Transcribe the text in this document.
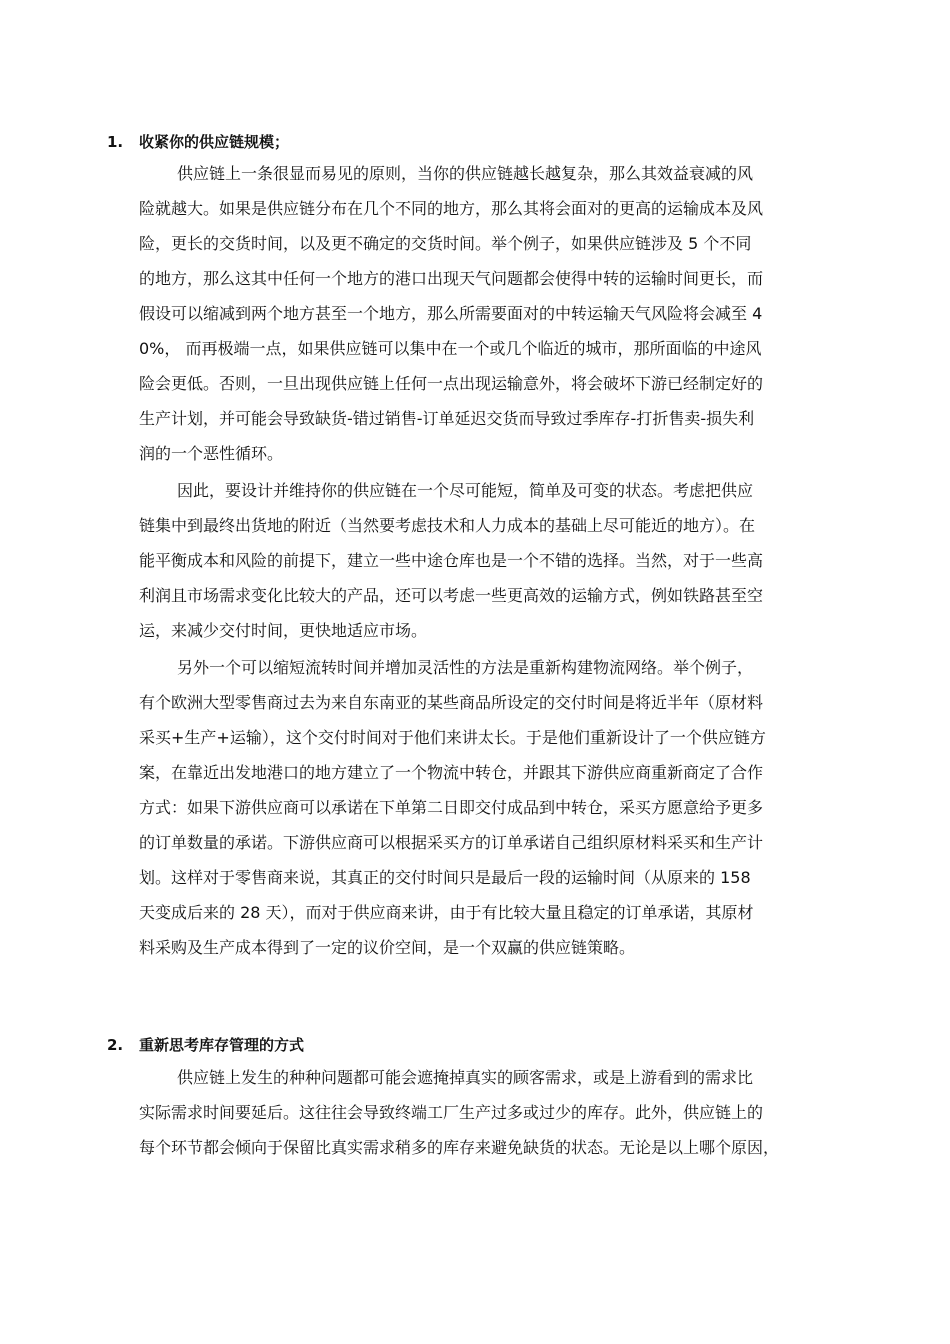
1. 收紧你的供应链规模；
供应链上一条很显而易见的原则，当你的供应链越长越复杂，那么其效益衰减的风
险就越大。如果是供应链分布在几个不同的地方，那么其将会面对的更高的运输成本及风
险，更长的交货时间，以及更不确定的交货时间。举个例子，如果供应链涉及 5 个不同
的地方，那么这其中任何一个地方的港口出现天气问题都会使得中转的运输时间更长，而
假设可以缩减到两个地方甚至一个地方，那么所需要面对的中转运输天气风险将会减至 4
0%， 而再极端一点，如果供应链可以集中在一个或几个临近的城市，那所面临的中途风
险会更低。否则，一旦出现供应链上任何一点出现运输意外，将会破坏下游已经制定好的
生产计划，并可能会导致缺货-错过销售-订单延迟交货而导致过季库存-打折售卖-损失利
润的一个恶性循环。
因此，要设计并维持你的供应链在一个尽可能短，简单及可变的状态。考虑把供应
链集中到最终出货地的附近（当然要考虑技术和人力成本的基础上尽可能近的地方）。在
能平衡成本和风险的前提下，建立一些中途仓库也是一个不错的选择。当然，对于一些高
利润且市场需求变化比较大的产品，还可以考虑一些更高效的运输方式，例如铁路甚至空
运，来减少交付时间，更快地适应市场。
另外一个可以缩短流转时间并增加灵活性的方法是重新构建物流网络。举个例子，
有个欧洲大型零售商过去为来自东南亚的某些商品所设定的交付时间是将近半年（原材料
采买+生产+运输），这个交付时间对于他们来讲太长。于是他们重新设计了一个供应链方
案，在靠近出发地港口的地方建立了一个物流中转仓，并跟其下游供应商重新商定了合作
方式：如果下游供应商可以承诺在下单第二日即交付成品到中转仓，采买方愿意给予更多
的订单数量的承诺。下游供应商可以根据采买方的订单承诺自己组织原材料采买和生产计
划。这样对于零售商来说，其真正的交付时间只是最后一段的运输时间（从原来的 158
天变成后来的 28 天），而对于供应商来讲，由于有比较大量且稳定的订单承诺，其原材
料采购及生产成本得到了一定的议价空间，是一个双赢的供应链策略。
2. 重新思考库存管理的方式
供应链上发生的种种问题都可能会遮掩掉真实的顾客需求，或是上游看到的需求比
实际需求时间要延后。这往往会导致终端工厂生产过多或过少的库存。此外，供应链上的
每个环节都会倾向于保留比真实需求稍多的库存来避免缺货的状态。无论是以上哪个原因，
